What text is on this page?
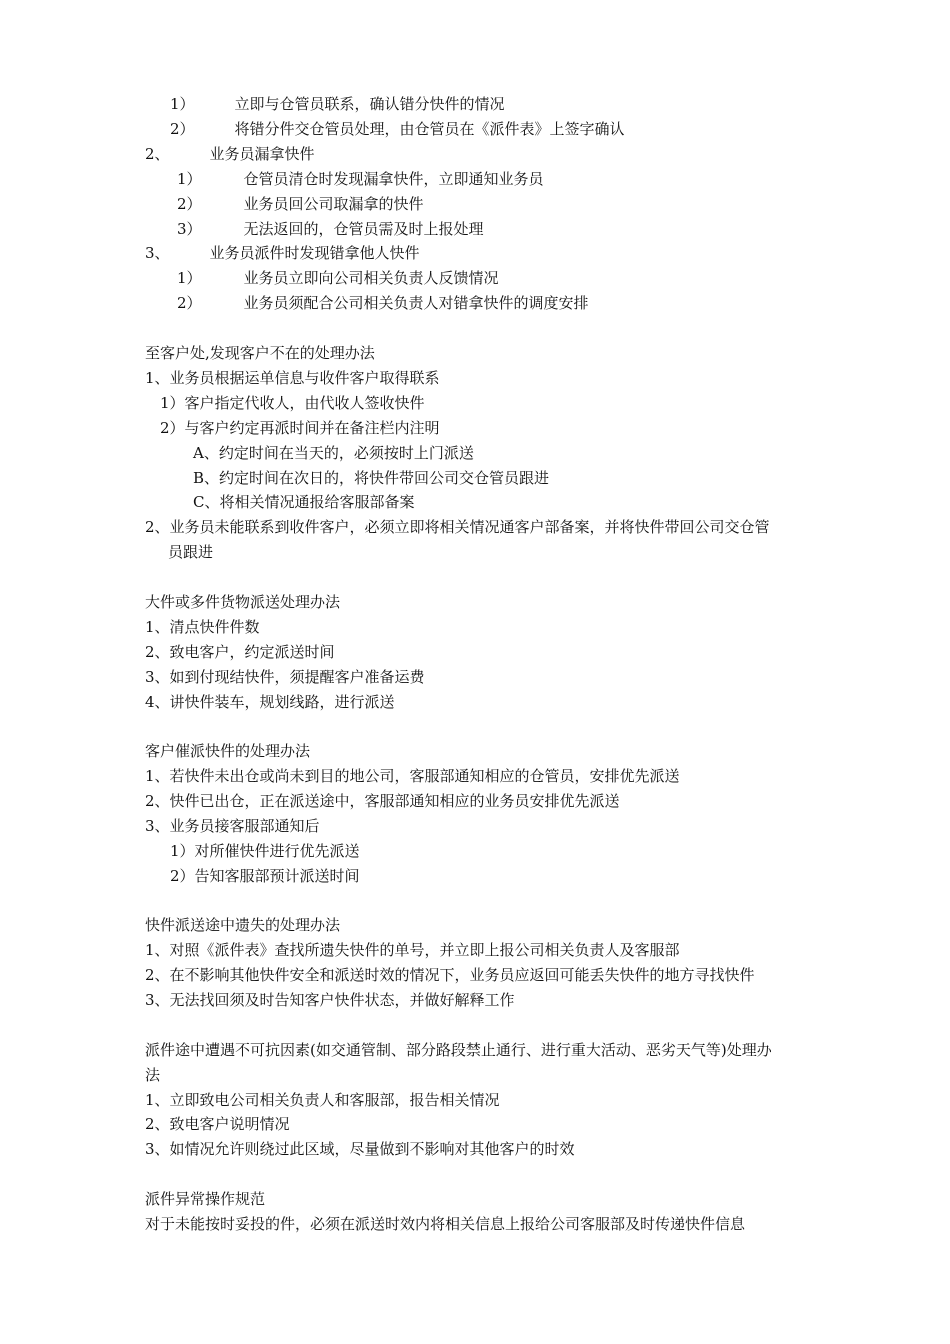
1）	立即与仓管员联系，确认错分快件的情况
2）	将错分件交仓管员处理，由仓管员在《派件表》上签字确认
2、	业务员漏拿快件
1）	仓管员清仓时发现漏拿快件，立即通知业务员
2）	业务员回公司取漏拿的快件
3）	无法返回的，仓管员需及时上报处理
3、	业务员派件时发现错拿他人快件
1）	业务员立即向公司相关负责人反馈情况
2）	业务员须配合公司相关负责人对错拿快件的调度安排
至客户处,发现客户不在的处理办法
1、业务员根据运单信息与收件客户取得联系
1）客户指定代收人，由代收人签收快件
2）与客户约定再派时间并在备注栏内注明
A、约定时间在当天的，必须按时上门派送
B、约定时间在次日的，将快件带回公司交仓管员跟进
C、将相关情况通报给客服部备案
2、业务员未能联系到收件客户，必须立即将相关情况通客户部备案，并将快件带回公司交仓管
员跟进
大件或多件货物派送处理办法
1、清点快件件数
2、致电客户，约定派送时间
3、如到付现结快件，须提醒客户准备运费
4、讲快件装车，规划线路，进行派送
客户催派快件的处理办法
1、若快件未出仓或尚未到目的地公司，客服部通知相应的仓管员，安排优先派送
2、快件已出仓，正在派送途中，客服部通知相应的业务员安排优先派送
3、业务员接客服部通知后
1）对所催快件进行优先派送
2）告知客服部预计派送时间
快件派送途中遗失的处理办法
1、对照《派件表》查找所遗失快件的单号，并立即上报公司相关负责人及客服部
2、在不影响其他快件安全和派送时效的情况下，业务员应返回可能丢失快件的地方寻找快件
3、无法找回须及时告知客户快件状态，并做好解释工作
派件途中遭遇不可抗因素(如交通管制、部分路段禁止通行、进行重大活动、恶劣天气等)处理办
法
1、立即致电公司相关负责人和客服部，报告相关情况
2、致电客户说明情况
3、如情况允许则绕过此区域，尽量做到不影响对其他客户的时效
派件异常操作规范
对于未能按时妥投的件，必须在派送时效内将相关信息上报给公司客服部及时传递快件信息
